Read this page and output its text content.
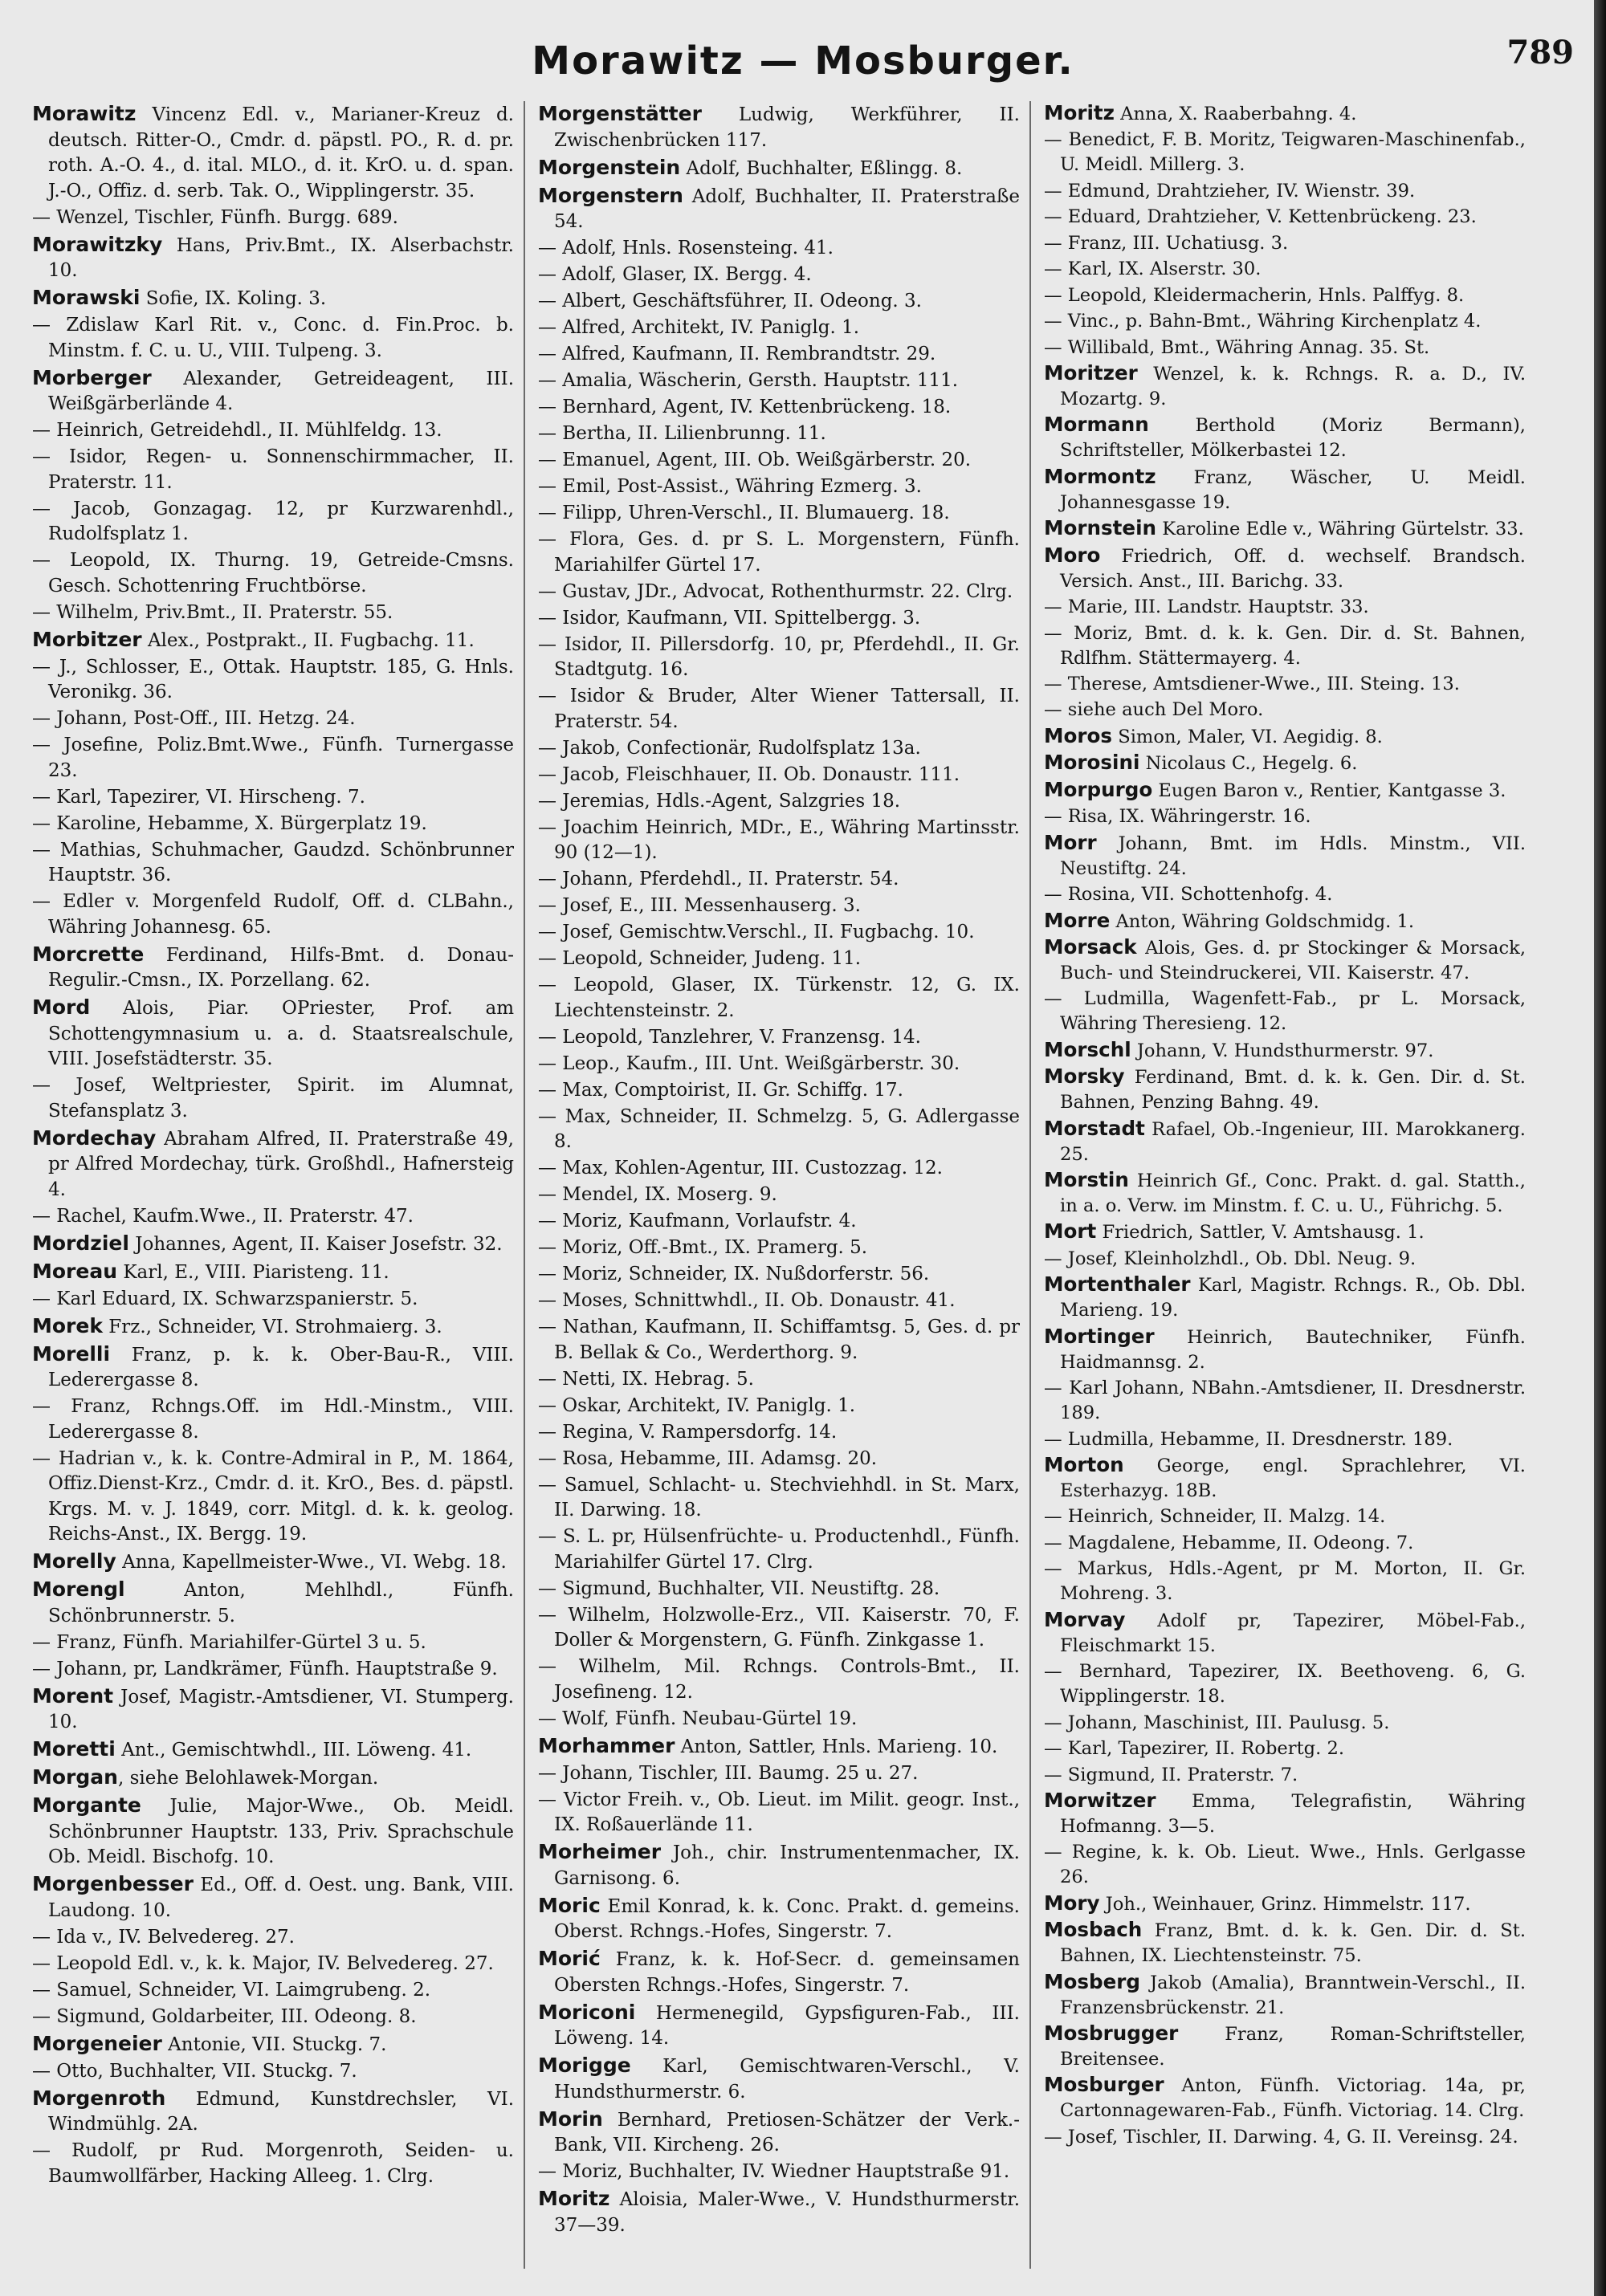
Morawitz — Mosburger.	789
Morawitz Vincenz Edl. v., Marianer-Kreuz d. deutsch. Ritter-O., Cmdr. d. päpstl. PO., R. d. pr. roth. A.-O. 4., d. ital. MLO., d. it. KrO. u. d. span. J.-O., Offiz. d. serb. Tak. O., Wipplingerstr. 35.
— Wenzel, Tischler, Fünfh. Burgg. 689.
Morawitzky Hans, Priv.Bmt., IX. Alserbachstr. 10.
Morawski Sofie, IX. Koling. 3.
— Zdislaw Karl Rit. v., Conc. d. Fin.Proc. b. Minstm. f. C. u. U., VIII. Tulpeng. 3.
Morberger Alexander, Getreideagent, III. Weißgärberlände 4.
— Heinrich, Getreidehdl., II. Mühlfeldg. 13.
— Isidor, Regen- u. Sonnenschirmmacher, II. Praterstr. 11.
— Jacob, Gonzagag. 12, pr Kurzwarenhdl., Rudolfsplatz 1.
— Leopold, IX. Thurng. 19, Getreide-Cmsns. Gesch. Schottenring Fruchtbörse.
— Wilhelm, Priv.Bmt., II. Praterstr. 55.
Morbitzer Alex., Postprakt., II. Fugbachg. 11.
— J., Schlosser, E., Ottak. Hauptstr. 185, G. Hnls. Veronikg. 36.
— Johann, Post-Off., III. Hetzg. 24.
— Josefine, Poliz.Bmt.Wwe., Fünfh. Turnergasse 23.
— Karl, Tapezirer, VI. Hirscheng. 7.
— Karoline, Hebamme, X. Bürgerplatz 19.
— Mathias, Schuhmacher, Gaudzd. Schönbrunner Hauptstr. 36.
— Edler v. Morgenfeld Rudolf, Off. d. CLBahn., Währing Johannesg. 65.
Morcrette Ferdinand, Hilfs-Bmt. d. Donau-Regulir.-Cmsn., IX. Porzellang. 62.
Mord Alois, Piar. OPriester, Prof. am Schottengymnasium u. a. d. Staatsrealschule, VIII. Josefstädterstr. 35.
— Josef, Weltpriester, Spirit. im Alumnat, Stefansplatz 3.
Mordechay Abraham Alfred, II. Praterstraße 49, pr Alfred Mordechay, türk. Großhdl., Hafnersteig 4.
— Rachel, Kaufm.Wwe., II. Praterstr. 47.
Mordziel Johannes, Agent, II. Kaiser Josefstr. 32.
Moreau Karl, E., VIII. Piaristeng. 11.
— Karl Eduard, IX. Schwarzspanierstr. 5.
Morek Frz., Schneider, VI. Strohmaierg. 3.
Morelli Franz, p. k. k. Ober-Bau-R., VIII. Lederergasse 8.
— Franz, Rchngs.Off. im Hdl.-Minstm., VIII. Lederergasse 8.
— Hadrian v., k. k. Contre-Admiral in P., M. 1864, Offiz.Dienst-Krz., Cmdr. d. it. KrO., Bes. d. päpstl. Krgs. M. v. J. 1849, corr. Mitgl. d. k. k. geolog. Reichs-Anst., IX. Bergg. 19.
Morelly Anna, Kapellmeister-Wwe., VI. Webg. 18.
Morengl Anton, Mehlhdl., Fünfh. Schönbrunnerstr. 5.
— Franz, Fünfh. Mariahilfer-Gürtel 3 u. 5.
— Johann, pr, Landkrämer, Fünfh. Hauptstraße 9.
Morent Josef, Magistr.-Amtsdiener, VI. Stumperg. 10.
Moretti Ant., Gemischtwhdl., III. Löweng. 41.
Morgan, siehe Belohlawek-Morgan.
Morgante Julie, Major-Wwe., Ob. Meidl. Schönbrunner Hauptstr. 133, Priv. Sprachschule Ob. Meidl. Bischofg. 10.
Morgenbesser Ed., Off. d. Oest. ung. Bank, VIII. Laudong. 10.
— Ida v., IV. Belvedereg. 27.
— Leopold Edl. v., k. k. Major, IV. Belvedereg. 27.
— Samuel, Schneider, VI. Laimgrubeng. 2.
— Sigmund, Goldarbeiter, III. Odeong. 8.
Morgeneier Antonie, VII. Stuckg. 7.
— Otto, Buchhalter, VII. Stuckg. 7.
Morgenroth Edmund, Kunstdrechsler, VI. Windmühlg. 2A.
— Rudolf, pr Rud. Morgenroth, Seiden- u. Baumwollfärber, Hacking Alleeg. 1. Clrg.
Morgenstätter Ludwig, Werkführer, II. Zwischenbrücken 117.
Morgenstein Adolf, Buchhalter, Eßlingg. 8.
Morgenstern Adolf, Buchhalter, II. Praterstraße 54.
— Adolf, Hnls. Rosensteing. 41.
— Adolf, Glaser, IX. Bergg. 4.
— Albert, Geschäftsführer, II. Odeong. 3.
— Alfred, Architekt, IV. Paniglg. 1.
— Alfred, Kaufmann, II. Rembrandtstr. 29.
— Amalia, Wäscherin, Gersth. Hauptstr. 111.
— Bernhard, Agent, IV. Kettenbrückeng. 18.
— Bertha, II. Lilienbrunng. 11.
— Emanuel, Agent, III. Ob. Weißgärberstr. 20.
— Emil, Post-Assist., Währing Ezmerg. 3.
— Filipp, Uhren-Verschl., II. Blumauerg. 18.
— Flora, Ges. d. pr S. L. Morgenstern, Fünfh. Mariahilfer Gürtel 17.
— Gustav, JDr., Advocat, Rothenthurmstr. 22. Clrg.
— Isidor, Kaufmann, VII. Spittelbergg. 3.
— Isidor, II. Pillersdorfg. 10, pr, Pferdehdl., II. Gr. Stadtgutg. 16.
— Isidor & Bruder, Alter Wiener Tattersall, II. Praterstr. 54.
— Jakob, Confectionär, Rudolfsplatz 13a.
— Jacob, Fleischhauer, II. Ob. Donaustr. 111.
— Jeremias, Hdls.-Agent, Salzgries 18.
— Joachim Heinrich, MDr., E., Währing Martinsstr. 90 (12—1).
— Johann, Pferdehdl., II. Praterstr. 54.
— Josef, E., III. Messenhauserg. 3.
— Josef, Gemischtw.Verschl., II. Fugbachg. 10.
— Leopold, Schneider, Judeng. 11.
— Leopold, Glaser, IX. Türkenstr. 12, G. IX. Liechtensteinstr. 2.
— Leopold, Tanzlehrer, V. Franzensg. 14.
— Leop., Kaufm., III. Unt. Weißgärberstr. 30.
— Max, Comptoirist, II. Gr. Schiffg. 17.
— Max, Schneider, II. Schmelzg. 5, G. Adlergasse 8.
— Max, Kohlen-Agentur, III. Custozzag. 12.
— Mendel, IX. Moserg. 9.
— Moriz, Kaufmann, Vorlaufstr. 4.
— Moriz, Off.-Bmt., IX. Pramerg. 5.
— Moriz, Schneider, IX. Nußdorferstr. 56.
— Moses, Schnittwhdl., II. Ob. Donaustr. 41.
— Nathan, Kaufmann, II. Schiffamtsg. 5, Ges. d. pr B. Bellak & Co., Werderthorg. 9.
— Netti, IX. Hebrag. 5.
— Oskar, Architekt, IV. Paniglg. 1.
— Regina, V. Rampersdorfg. 14.
— Rosa, Hebamme, III. Adamsg. 20.
— Samuel, Schlacht- u. Stechviehhdl. in St. Marx, II. Darwing. 18.
— S. L. pr, Hülsenfrüchte- u. Productenhdl., Fünfh. Mariahilfer Gürtel 17. Clrg.
— Sigmund, Buchhalter, VII. Neustiftg. 28.
— Wilhelm, Holzwolle-Erz., VII. Kaiserstr. 70, F. Doller & Morgenstern, G. Fünfh. Zinkgasse 1.
— Wilhelm, Mil. Rchngs. Controls-Bmt., II. Josefineng. 12.
— Wolf, Fünfh. Neubau-Gürtel 19.
Morhammer Anton, Sattler, Hnls. Marieng. 10.
— Johann, Tischler, III. Baumg. 25 u. 27.
— Victor Freih. v., Ob. Lieut. im Milit. geogr. Inst., IX. Roßauerlände 11.
Morheimer Joh., chir. Instrumentenmacher, IX. Garnisong. 6.
Moric Emil Konrad, k. k. Conc. Prakt. d. gemeins. Oberst. Rchngs.-Hofes, Singerstr. 7.
Morić Franz, k. k. Hof-Secr. d. gemeinsamen Obersten Rchngs.-Hofes, Singerstr. 7.
Moriconi Hermenegild, Gypsfiguren-Fab., III. Löweng. 14.
Morigge Karl, Gemischtwaren-Verschl., V. Hundsthurmerstr. 6.
Morin Bernhard, Pretiosen-Schätzer der Verk.-Bank, VII. Kircheng. 26.
— Moriz, Buchhalter, IV. Wiedner Hauptstraße 91.
Moritz Aloisia, Maler-Wwe., V. Hundsthurmerstr. 37—39.
Moritz Anna, X. Raaberbahng. 4.
— Benedict, F. B. Moritz, Teigwaren-Maschinenfab., U. Meidl. Millerg. 3.
— Edmund, Drahtzieher, IV. Wienstr. 39.
— Eduard, Drahtzieher, V. Kettenbrückeng. 23.
— Franz, III. Uchatiusg. 3.
— Karl, IX. Alserstr. 30.
— Leopold, Kleidermacherin, Hnls. Palffyg. 8.
— Vinc., p. Bahn-Bmt., Währing Kirchenplatz 4.
— Willibald, Bmt., Währing Annag. 35. St.
Moritzer Wenzel, k. k. Rchngs. R. a. D., IV. Mozartg. 9.
Mormann Berthold (Moriz Bermann), Schriftsteller, Mölkerbastei 12.
Mormontz Franz, Wäscher, U. Meidl. Johannesgasse 19.
Mornstein Karoline Edle v., Währing Gürtelstr. 33.
Moro Friedrich, Off. d. wechself. Brandsch. Versich. Anst., III. Barichg. 33.
— Marie, III. Landstr. Hauptstr. 33.
— Moriz, Bmt. d. k. k. Gen. Dir. d. St. Bahnen, Rdlfhm. Stättermayerg. 4.
— Therese, Amtsdiener-Wwe., III. Steing. 13.
— siehe auch Del Moro.
Moros Simon, Maler, VI. Aegidig. 8.
Morosini Nicolaus C., Hegelg. 6.
Morpurgo Eugen Baron v., Rentier, Kantgasse 3.
— Risa, IX. Währingerstr. 16.
Morr Johann, Bmt. im Hdls. Minstm., VII. Neustiftg. 24.
— Rosina, VII. Schottenhofg. 4.
Morre Anton, Währing Goldschmidg. 1.
Morsack Alois, Ges. d. pr Stockinger & Morsack, Buch- und Steindruckerei, VII. Kaiserstr. 47.
— Ludmilla, Wagenfett-Fab., pr L. Morsack, Währing Theresieng. 12.
Morschl Johann, V. Hundsthurmerstr. 97.
Morsky Ferdinand, Bmt. d. k. k. Gen. Dir. d. St. Bahnen, Penzing Bahng. 49.
Morstadt Rafael, Ob.-Ingenieur, III. Marokkanerg. 25.
Morstin Heinrich Gf., Conc. Prakt. d. gal. Statth., in a. o. Verw. im Minstm. f. C. u. U., Führichg. 5.
Mort Friedrich, Sattler, V. Amtshausg. 1.
— Josef, Kleinholzhdl., Ob. Dbl. Neug. 9.
Mortenthaler Karl, Magistr. Rchngs. R., Ob. Dbl. Marieng. 19.
Mortinger Heinrich, Bautechniker, Fünfh. Haidmannsg. 2.
— Karl Johann, NBahn.-Amtsdiener, II. Dresdnerstr. 189.
— Ludmilla, Hebamme, II. Dresdnerstr. 189.
Morton George, engl. Sprachlehrer, VI. Esterhazyg. 18B.
— Heinrich, Schneider, II. Malzg. 14.
— Magdalene, Hebamme, II. Odeong. 7.
— Markus, Hdls.-Agent, pr M. Morton, II. Gr. Mohreng. 3.
Morvay Adolf pr, Tapezirer, Möbel-Fab., Fleischmarkt 15.
— Bernhard, Tapezirer, IX. Beethoveng. 6, G. Wipplingerstr. 18.
— Johann, Maschinist, III. Paulusg. 5.
— Karl, Tapezirer, II. Robertg. 2.
— Sigmund, II. Praterstr. 7.
Morwitzer Emma, Telegrafistin, Währing Hofmanng. 3—5.
— Regine, k. k. Ob. Lieut. Wwe., Hnls. Gerlgasse 26.
Mory Joh., Weinhauer, Grinz. Himmelstr. 117.
Mosbach Franz, Bmt. d. k. k. Gen. Dir. d. St. Bahnen, IX. Liechtensteinstr. 75.
Mosberg Jakob (Amalia), Branntwein-Verschl., II. Franzensbrückenstr. 21.
Mosbrugger Franz, Roman-Schriftsteller, Breitensee.
Mosburger Anton, Fünfh. Victoriag. 14a, pr, Cartonnagewaren-Fab., Fünfh. Victoriag. 14. Clrg.
— Josef, Tischler, II. Darwing. 4, G. II. Vereinsg. 24.
